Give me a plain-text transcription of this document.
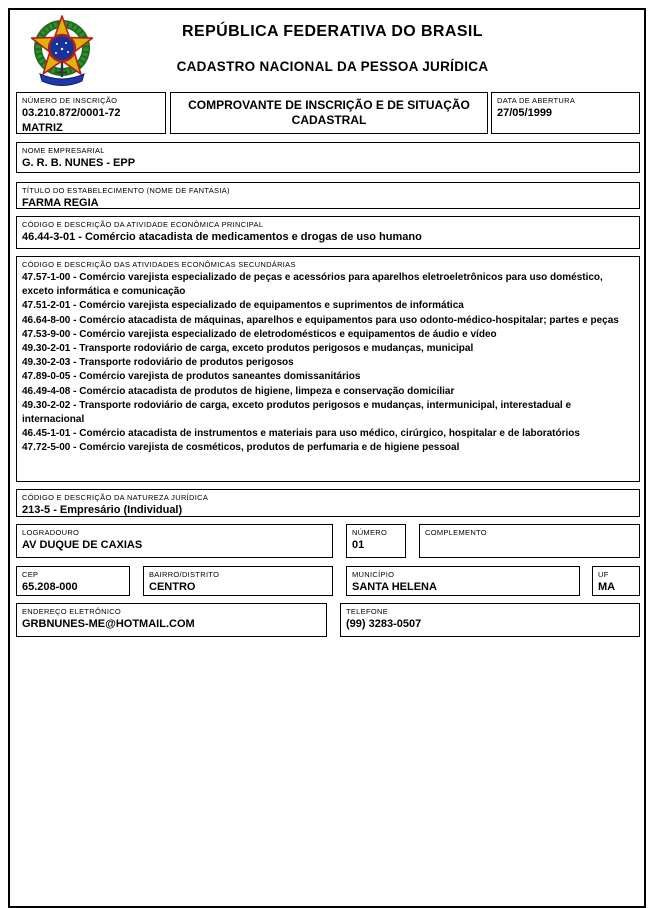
REPÚBLICA FEDERATIVA DO BRASIL
CADASTRO NACIONAL DA PESSOA JURÍDICA
NÚMERO DE INSCRIÇÃO
03.210.872/0001-72
MATRIZ
COMPROVANTE DE INSCRIÇÃO E DE SITUAÇÃO CADASTRAL
DATA DE ABERTURA
27/05/1999
NOME EMPRESARIAL
G. R. B. NUNES - EPP
TÍTULO DO ESTABELECIMENTO (NOME DE FANTASIA)
FARMA REGIA
CÓDIGO E DESCRIÇÃO DA ATIVIDADE ECONÔMICA PRINCIPAL
46.44-3-01 - Comércio atacadista de medicamentos e drogas de uso humano
CÓDIGO E DESCRIÇÃO DAS ATIVIDADES ECONÔMICAS SECUNDÁRIAS
47.57-1-00 - Comércio varejista especializado de peças e acessórios para aparelhos eletroeletrônicos para uso doméstico, exceto informática e comunicação
47.51-2-01 - Comércio varejista especializado de equipamentos e suprimentos de informática
46.64-8-00 - Comércio atacadista de máquinas, aparelhos e equipamentos para uso odonto-médico-hospitalar; partes e peças
47.53-9-00 - Comércio varejista especializado de eletrodomésticos e equipamentos de áudio e vídeo
49.30-2-01 - Transporte rodoviário de carga, exceto produtos perigosos e mudanças, municipal
49.30-2-03 - Transporte rodoviário de produtos perigosos
47.89-0-05 - Comércio varejista de produtos saneantes domissanitários
46.49-4-08 - Comércio atacadista de produtos de higiene, limpeza e conservação domiciliar
49.30-2-02 - Transporte rodoviário de carga, exceto produtos perigosos e mudanças, intermunicipal, interestadual e internacional
46.45-1-01 - Comércio atacadista de instrumentos e materiais para uso médico, cirúrgico, hospitalar e de laboratórios
47.72-5-00 - Comércio varejista de cosméticos, produtos de perfumaria e de higiene pessoal
CÓDIGO E DESCRIÇÃO DA NATUREZA JURÍDICA
213-5 - Empresário (Individual)
LOGRADOURO
AV DUQUE DE CAXIAS
NÚMERO
01
COMPLEMENTO
CEP
65.208-000
BAIRRO/DISTRITO
CENTRO
MUNICÍPIO
SANTA HELENA
UF
MA
ENDEREÇO ELETRÔNICO
GRBNUNES-ME@HOTMAIL.COM
TELEFONE
(99) 3283-0507
